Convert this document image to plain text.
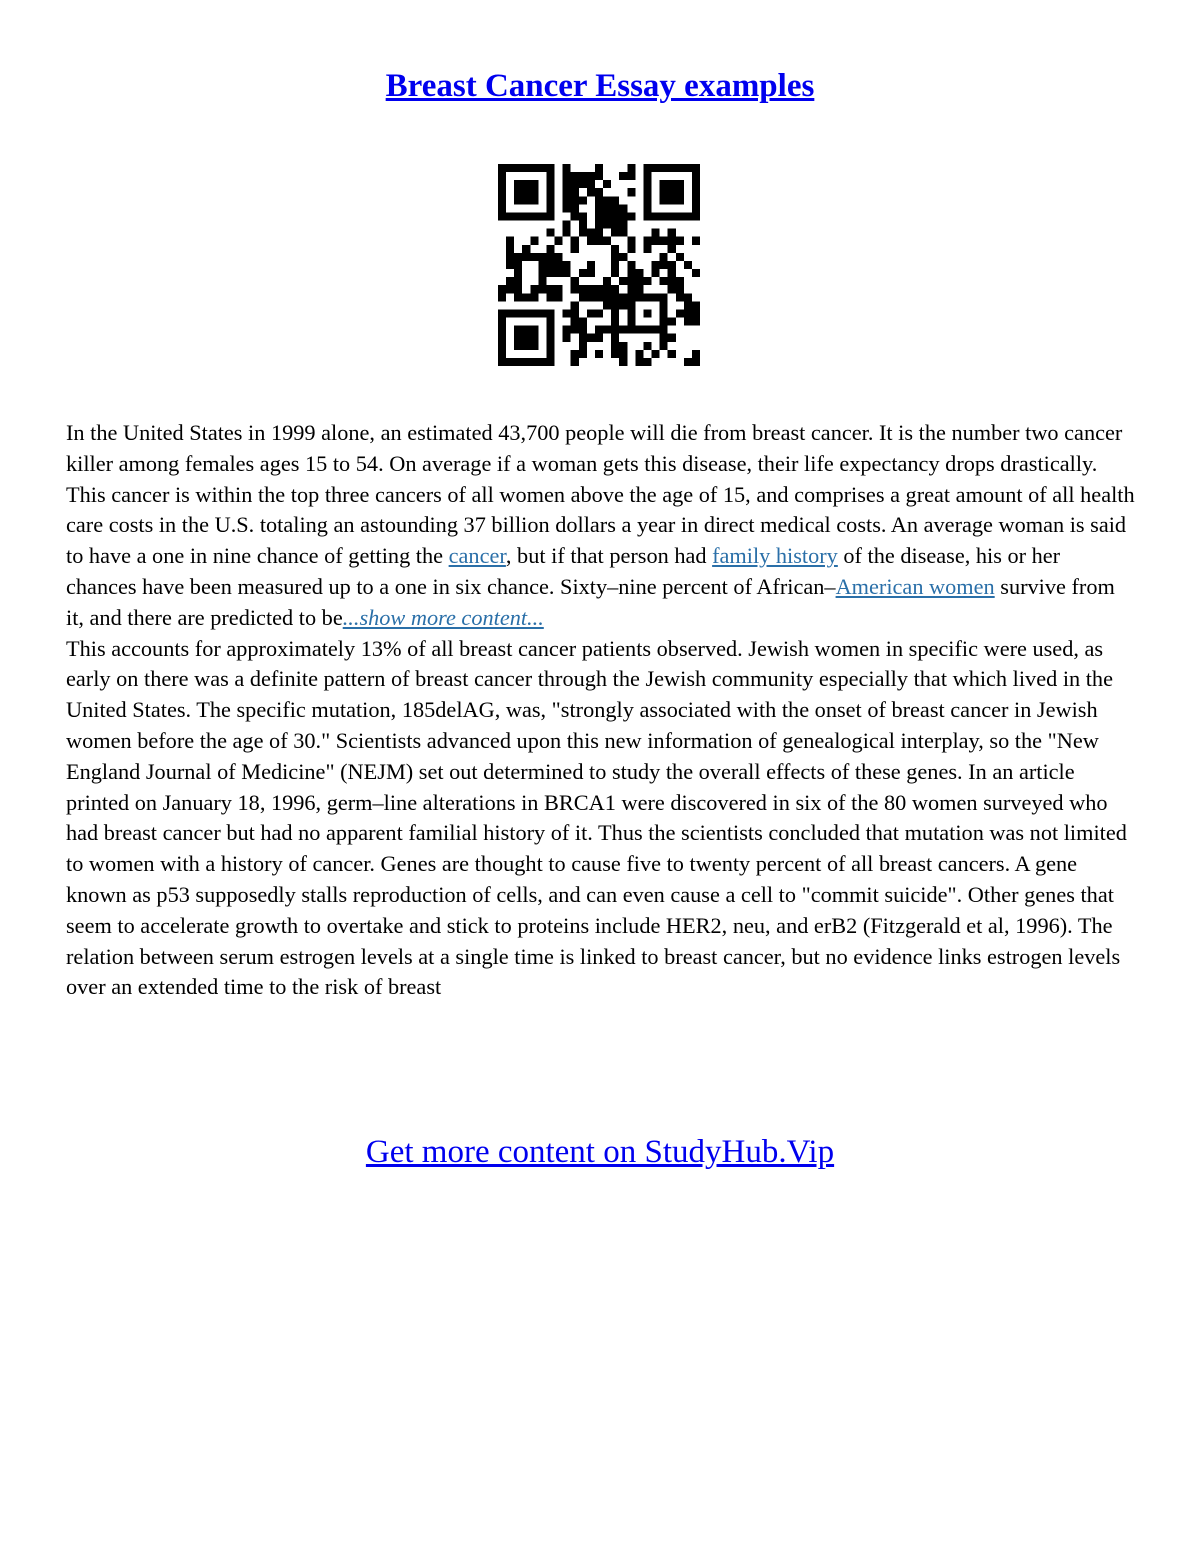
Breast Cancer Essay examples

In the United States in 1999 alone, an estimated 43,700 people will die from breast cancer. It is the number two cancer killer among females ages 15 to 54. On average if a woman gets this disease, their life expectancy drops drastically. This cancer is within the top three cancers of all women above the age of 15, and comprises a great amount of all health care costs in the U.S. totaling an astounding 37 billion dollars a year in direct medical costs. An average woman is said to have a one in nine chance of getting the cancer, but if that person had family history of the disease, his or her chances have been measured up to a one in six chance. Sixty–nine percent of African–American women survive from it, and there are predicted to be...show more content...

This accounts for approximately 13% of all breast cancer patients observed. Jewish women in specific were used, as early on there was a definite pattern of breast cancer through the Jewish community especially that which lived in the United States. The specific mutation, 185delAG, was, "strongly associated with the onset of breast cancer in Jewish women before the age of 30." Scientists advanced upon this new information of genealogical interplay, so the "New England Journal of Medicine" (NEJM) set out determined to study the overall effects of these genes. In an article printed on January 18, 1996, germ–line alterations in BRCA1 were discovered in six of the 80 women surveyed who had breast cancer but had no apparent familial history of it. Thus the scientists concluded that mutation was not limited to women with a history of cancer. Genes are thought to cause five to twenty percent of all breast cancers. A gene known as p53 supposedly stalls reproduction of cells, and can even cause a cell to "commit suicide". Other genes that seem to accelerate growth to overtake and stick to proteins include HER2, neu, and erB2 (Fitzgerald et al, 1996). The relation between serum estrogen levels at a single time is linked to breast cancer, but no evidence links estrogen levels over an extended time to the risk of breast

Get more content on StudyHub.Vip
